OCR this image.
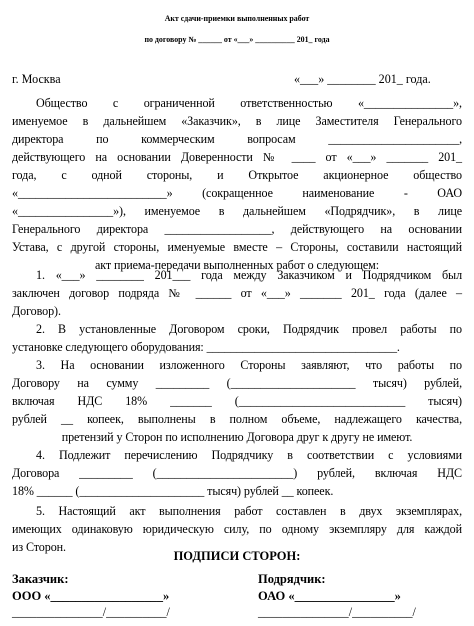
Акт сдачи-приемки выполненных работ
по договору № ______ от «___» __________ 201_ года
г. Москва	«___» ________ 201_ года.
Общество с ограниченной ответственностью «_______________»,
именуемое в дальнейшем «Заказчик», в лице Заместителя Генерального
директора по коммерческим вопросам ______________________,
действующего на основании Доверенности № ____ от «___» _______ 201_
года, с одной стороны, и Открытое акционерное общество
«_________________________» (сокращенное наименование - ОАО
«________________»), именуемое в дальнейшем «Подрядчик», в лице
Генерального директора __________________, действующего на основании
Устава, с другой стороны, именуемые вместе – Стороны, составили настоящий
акт приема-передачи выполненных работ о следующем:
1. «___» ________ 201___ года между Заказчиком и Подрядчиком был
заключен договор подряда № ______ от «___» _______ 201_ года (далее –
Договор).
2. В установленные Договором сроки, Подрядчик провел работы по
установке следующего оборудования: ________________________________.
3. На основании изложенного Стороны заявляют, что работы по
Договору на сумму _________ (_____________________ тысяч) рублей,
включая НДС 18% _______ (____________________________ тысяч)
рублей __ копеек, выполнены в полном объеме, надлежащего качества,
претензий у Сторон по исполнению Договора друг к другу не имеют.
4. Подлежит перечислению Подрядчику в соответствии с условиями
Договора _________ (_______________________) рублей, включая НДС
18% ______ (_____________________ тысяч) рублей __ копеек.
5. Настоящий акт выполнения работ составлен в двух экземплярах,
имеющих одинаковую юридическую силу, по одному экземпляру для каждой
из Сторон.
ПОДПИСИ СТОРОН:
Заказчик:
ООО «__________________»
Подрядчик:
ОАО «________________»
_______________/__________/	_______________/__________/
